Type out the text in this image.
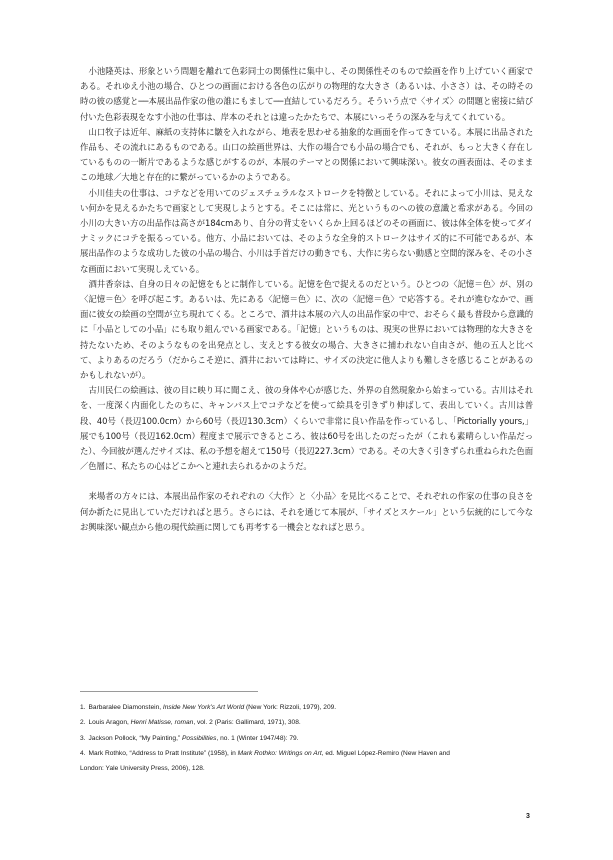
小池隆英は、形象という問題を離れて色彩同士の関係性に集中し、その関係性そのもので絵画を作り上げていく画家である。それゆえ小池の場合、ひとつの画面における各色の広がりの物理的な大きさ（あるいは、小ささ）は、その時その時の彼の感覚と──本展出品作家の他の誰にもまして──直結しているだろう。そういう点で〈サイズ〉の問題と密接に結び付いた色彩表現をなす小池の仕事は、岸本のそれとは違ったかたちで、本展にいっそうの深みを与えてくれている。

山口牧子は近年、麻紙の支持体に皺を入れながら、地表を思わせる抽象的な画面を作ってきている。本展に出品された作品も、その流れにあるものである。山口の絵画世界は、大作の場合でも小品の場合でも、それが、もっと大きく存在しているものの一断片であるような感じがするのが、本展のテーマとの関係において興味深い。彼女の画表面は、そのままこの地球／大地と存在的に繋がっているかのようである。

小川佳夫の仕事は、コテなどを用いてのジェスチュラルなストロークを特徴としている。それによって小川は、見えない何かを見えるかたちで画家として実現しようとする。そこには常に、光というものへの彼の意識と希求がある。今回の小川の大きい方の出品作は高さが184cmあり、自分の背丈をいくらか上回るほどのその画面に、彼は体全体を使ってダイナミックにコテを振るっている。他方、小品においては、そのような全身的ストロークはサイズ的に不可能であるが、本展出品作のような成功した彼の小品の場合、小川は手首だけの動きでも、大作に劣らない動感と空間的深みを、その小さな画面において実現しえている。

酒井香奈は、自身の日々の記憶をもとに制作している。記憶を色で捉えるのだという。ひとつの〈記憶＝色〉が、別の〈記憶＝色〉を呼び起こす。あるいは、先にある〈記憶＝色〉に、次の〈記憶＝色〉で応答する。それが進むなかで、画面に彼女の絵画の空間が立ち現れてくる。ところで、酒井は本展の六人の出品作家の中で、おそらく最も普段から意識的に「小品としての小品」にも取り組んでいる画家である。「記憶」というものは、現実の世界においては物理的な大きさを持たないため、そのようなものを出発点とし、支えとする彼女の場合、大きさに捕われない自由さが、他の五人と比べて、よりあるのだろう（だからこそ逆に、酒井においては時に、サイズの決定に他人よりも難しさを感じることがあるのかもしれないが）。

古川民仁の絵画は、彼の目に映り耳に聞こえ、彼の身体や心が感じた、外界の自然現象から始まっている。古川はそれを、一度深く内面化したのちに、キャンバス上でコテなどを使って絵具を引きずり伸ばして、表出していく。古川は普段、40号（長辺100.0cm）から60号（長辺130.3cm）くらいで非常に良い作品を作っているし、「Pictorially yours,」展でも100号（長辺162.0cm）程度まで展示できるところ、彼は60号を出したのだったが（これも素晴らしい作品だった）、今回彼が選んだサイズは、私の予想を超えて150号（長辺227.3cm）である。その大きく引きずられ重ねられた色面／色層に、私たちの心はどこかへと連れ去られるかのようだ。

来場者の方々には、本展出品作家のそれぞれの〈大作〉と〈小品〉を見比べることで、それぞれの作家の仕事の良さを何か新たに見出していただければと思う。さらには、それを通じて本展が、「サイズとスケール」という伝統的にして今なお興味深い観点から他の現代絵画に関しても再考する一機会となればと思う。

1. Barbaralee Diamonstein, Inside New York’s Art World (New York: Rizzoli, 1979), 209.
2. Louis Aragon, Henri Matisse, roman, vol. 2 (Paris: Gallimard, 1971), 308.
3. Jackson Pollock, “My Painting,” Possibilities, no. 1 (Winter 1947/48): 79.
4. Mark Rothko, “Address to Pratt Institute” (1958), in Mark Rothko: Writings on Art, ed. Miguel López-Remiro (New Haven and
London: Yale University Press, 2006), 128.
3
